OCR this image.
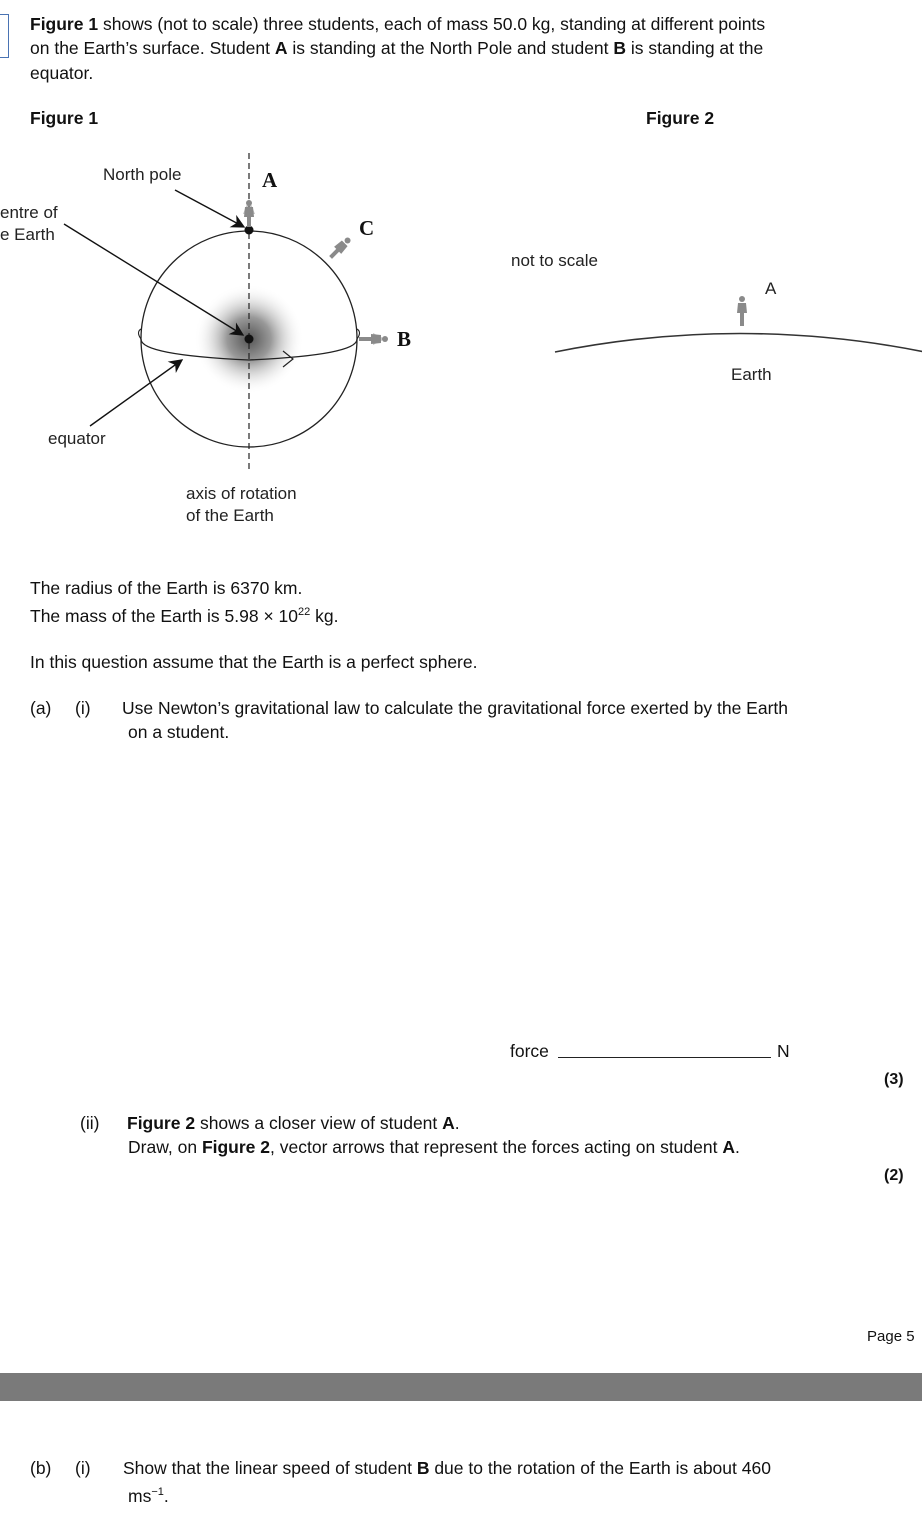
Figure 1 shows (not to scale) three students, each of mass 50.0 kg, standing at different points
on the Earth’s surface. Student A is standing at the North Pole and student B is standing at the
equator.
Figure 1	Figure 2
North pole
entre of
e Earth
equator
axis of rotation
of the Earth
A
C
B
not to scale
A
Earth
The radius of the Earth is 6370 km.
The mass of the Earth is $5.98 \times 10^{22}$ kg.
In this question assume that the Earth is a perfect sphere.
(a) (i) Use Newton’s gravitational law to calculate the gravitational force exerted by the Earth
on a student.
force	N
(3)
(ii) Figure 2 shows a closer view of student A.
Draw, on Figure 2, vector arrows that represent the forces acting on student A.
(2)
Page 5
(b) (i) Show that the linear speed of student B due to the rotation of the Earth is about 460
$ms^{-1}$.
